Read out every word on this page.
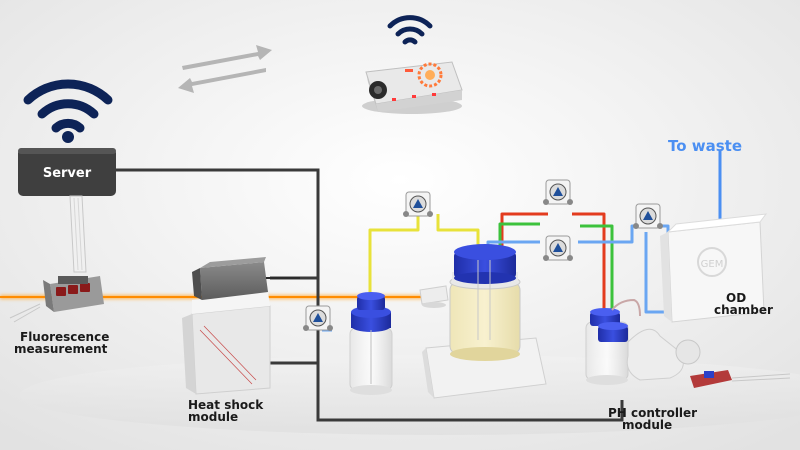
Server
Fluorescence
measurement
Heat shock
module	PH controller
module
GEM
OD
chamber
To waste
